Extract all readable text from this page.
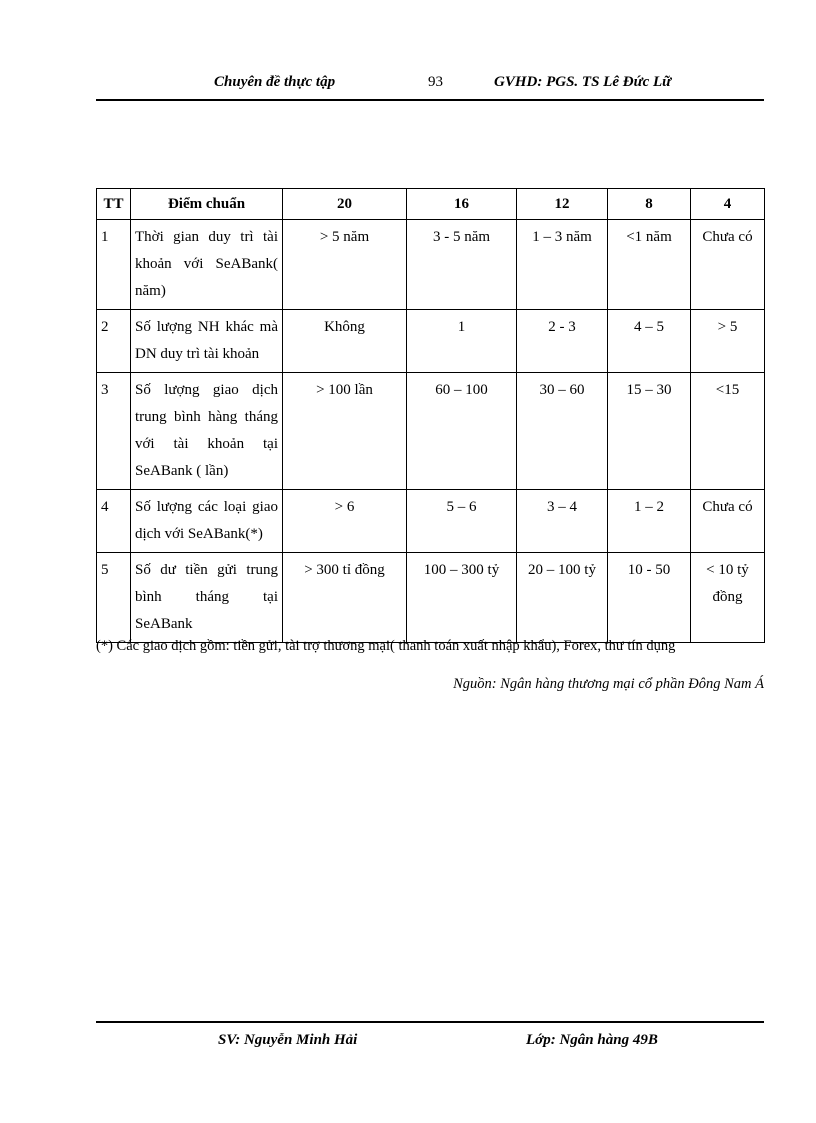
Chuyên đề thực tập	93	GVHD: PGS. TS Lê Đức Lữ
TT	Điểm chuẩn	20	16	12	8	4
1	Thời gian duy trì tài khoản với SeABank( năm)	> 5 năm	3 - 5 năm	1 – 3 năm	<1 năm	Chưa có
2	Số lượng NH khác mà DN duy trì tài khoản	Không	1	2 - 3	4 – 5	> 5
3	Số lượng giao dịch trung bình hàng tháng với tài khoản tại SeABank ( lần)	> 100 lần	60 – 100	30 – 60	15 – 30	<15
4	Số lượng các loại giao dịch với SeABank(*)	> 6	5 – 6	3 – 4	1 – 2	Chưa có
5	Số dư tiền gửi trung bình tháng tại SeABank	> 300 tỉ đồng	100 – 300 tỷ	20 – 100 tỷ	10 - 50	< 10 tỷ đồng
(*) Các giao dịch gồm: tiền gửi, tài trợ thương mại( thanh toán xuất nhập khẩu), Forex, thư tín dụng
Nguồn: Ngân hàng thương mại cổ phần Đông Nam Á
SV: Nguyễn Minh Hải	Lớp: Ngân hàng 49B
